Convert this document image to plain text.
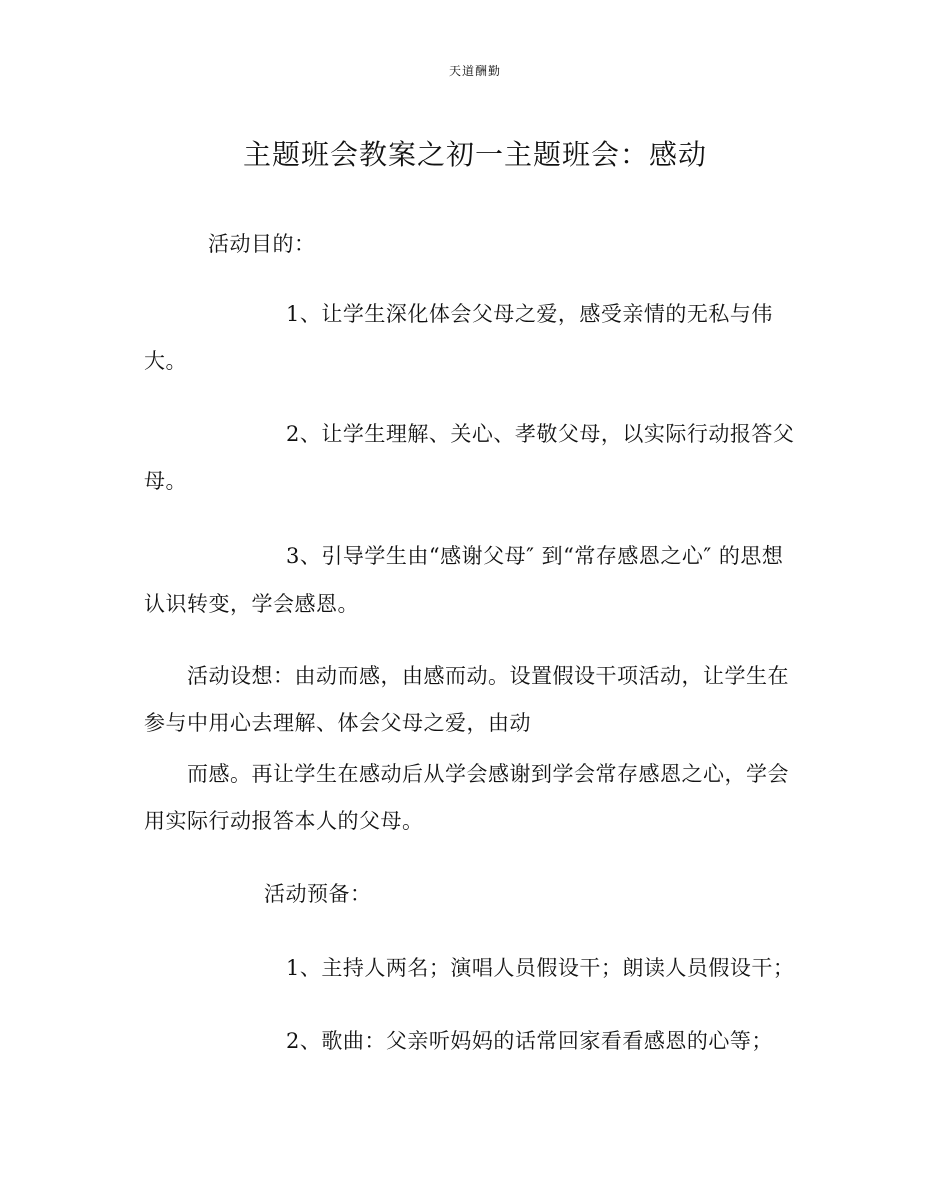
天道酬勤
主题班会教案之初一主题班会：感动
活动目的：
1、让学生深化体会父母之爱，感受亲情的无私与伟
大。
2、让学生理解、关心、孝敬父母，以实际行动报答父
母。
3、引导学生由“感谢父母″ 到“常存感恩之心″ 的思想
认识转变，学会感恩。
活动设想：由动而感，由感而动。设置假设干项活动，让学生在
参与中用心去理解、体会父母之爱，由动
而感。再让学生在感动后从学会感谢到学会常存感恩之心，学会
用实际行动报答本人的父母。
活动预备：
1、主持人两名；演唱人员假设干；朗读人员假设干；
2、歌曲：父亲听妈妈的话常回家看看感恩的心等；
